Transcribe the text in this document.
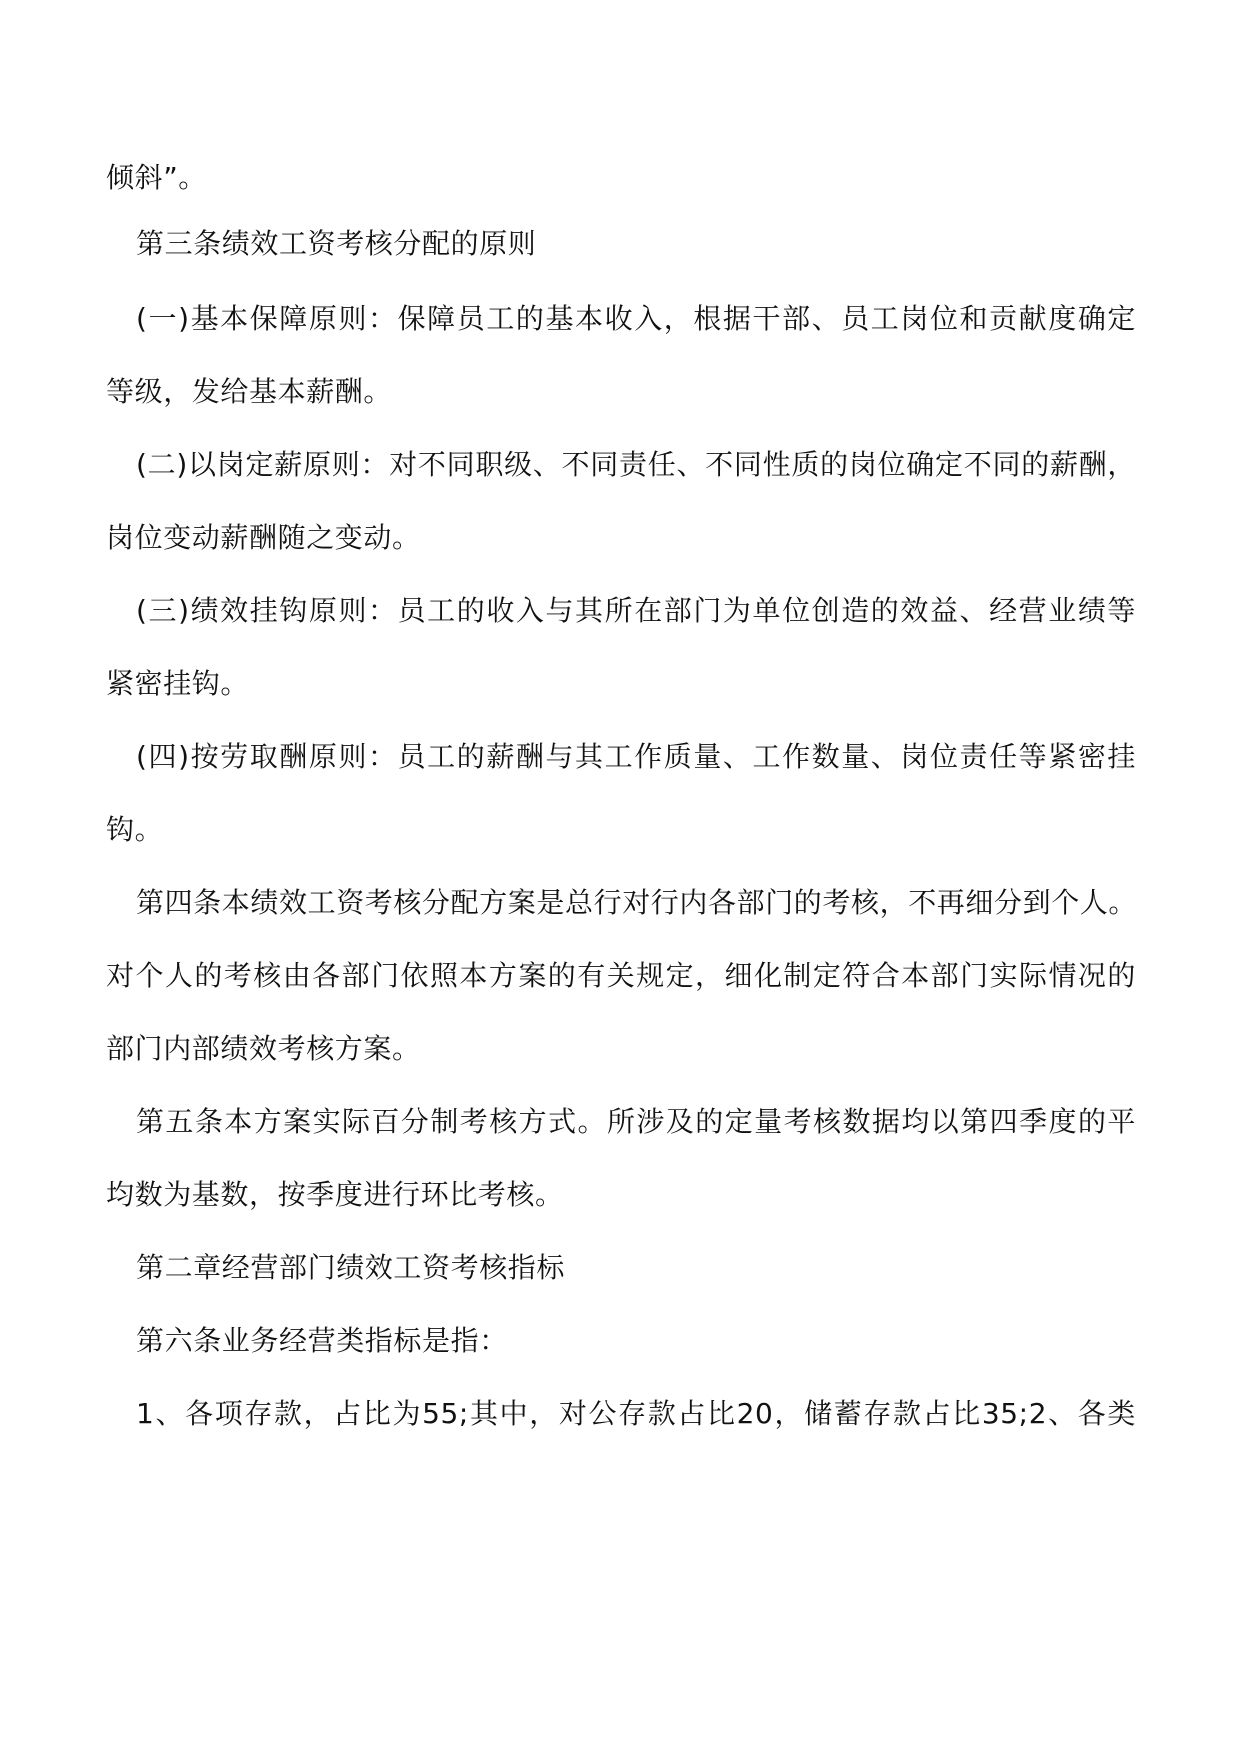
倾斜”。
第三条绩效工资考核分配的原则
(一)基本保障原则：保障员工的基本收入，根据干部、员工岗位和贡献度确定
等级，发给基本薪酬。
(二)以岗定薪原则：对不同职级、不同责任、不同性质的岗位确定不同的薪酬，
岗位变动薪酬随之变动。
(三)绩效挂钩原则：员工的收入与其所在部门为单位创造的效益、经营业绩等
紧密挂钩。
(四)按劳取酬原则：员工的薪酬与其工作质量、工作数量、岗位责任等紧密挂
钩。
第四条本绩效工资考核分配方案是总行对行内各部门的考核，不再细分到个人。
对个人的考核由各部门依照本方案的有关规定，细化制定符合本部门实际情况的
部门内部绩效考核方案。
第五条本方案实际百分制考核方式。所涉及的定量考核数据均以第四季度的平
均数为基数，按季度进行环比考核。
第二章经营部门绩效工资考核指标
第六条业务经营类指标是指：
1、各项存款，占比为55;其中，对公存款占比20，储蓄存款占比35;2、各类
